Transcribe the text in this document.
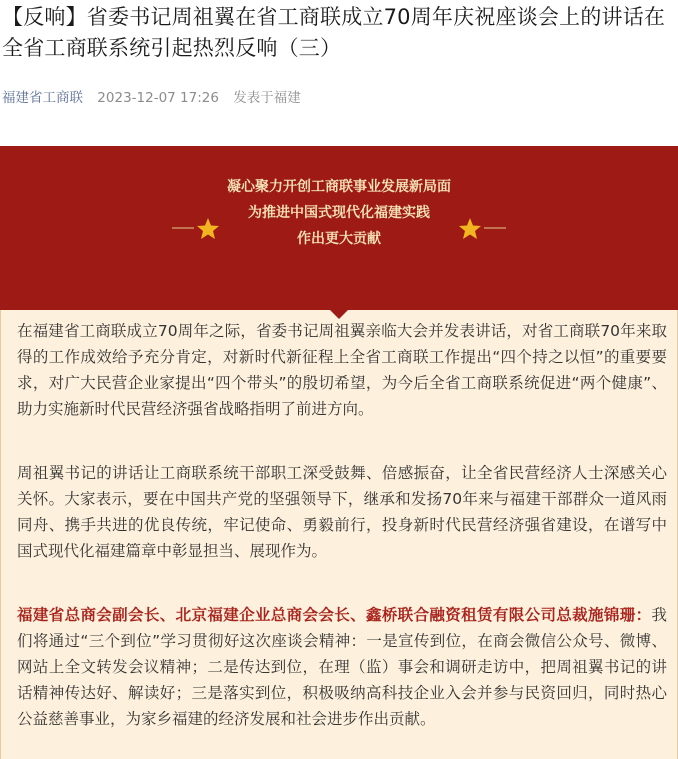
【反响】省委书记周祖翼在省工商联成立70周年庆祝座谈会上的讲话在全省工商联系统引起热烈反响（三）
福建省工商联 2023-12-07 17:26 发表于福建
凝心聚力开创工商联事业发展新局面
为推进中国式现代化福建实践
作出更大贡献

在福建省工商联成立70周年之际，省委书记周祖翼亲临大会并发表讲话，对省工商联70年来取得的工作成效给予充分肯定，对新时代新征程上全省工商联工作提出“四个持之以恒”的重要要求，对广大民营企业家提出“四个带头”的殷切希望，为今后全省工商联系统促进“两个健康”、助力实施新时代民营经济强省战略指明了前进方向。

周祖翼书记的讲话让工商联系统干部职工深受鼓舞、倍感振奋，让全省民营经济人士深感关心关怀。大家表示，要在中国共产党的坚强领导下，继承和发扬70年来与福建干部群众一道风雨同舟、携手共进的优良传统，牢记使命、勇毅前行，投身新时代民营经济强省建设，在谱写中国式现代化福建篇章中彰显担当、展现作为。

福建省总商会副会长、北京福建企业总商会会长、鑫桥联合融资租赁有限公司总裁施锦珊：我们将通过“三个到位”学习贯彻好这次座谈会精神：一是宣传到位，在商会微信公众号、微博、网站上全文转发会议精神；二是传达到位，在理（监）事会和调研走访中，把周祖翼书记的讲话精神传达好、解读好；三是落实到位，积极吸纳高科技企业入会并参与民资回归，同时热心公益慈善事业，为家乡福建的经济发展和社会进步作出贡献。
